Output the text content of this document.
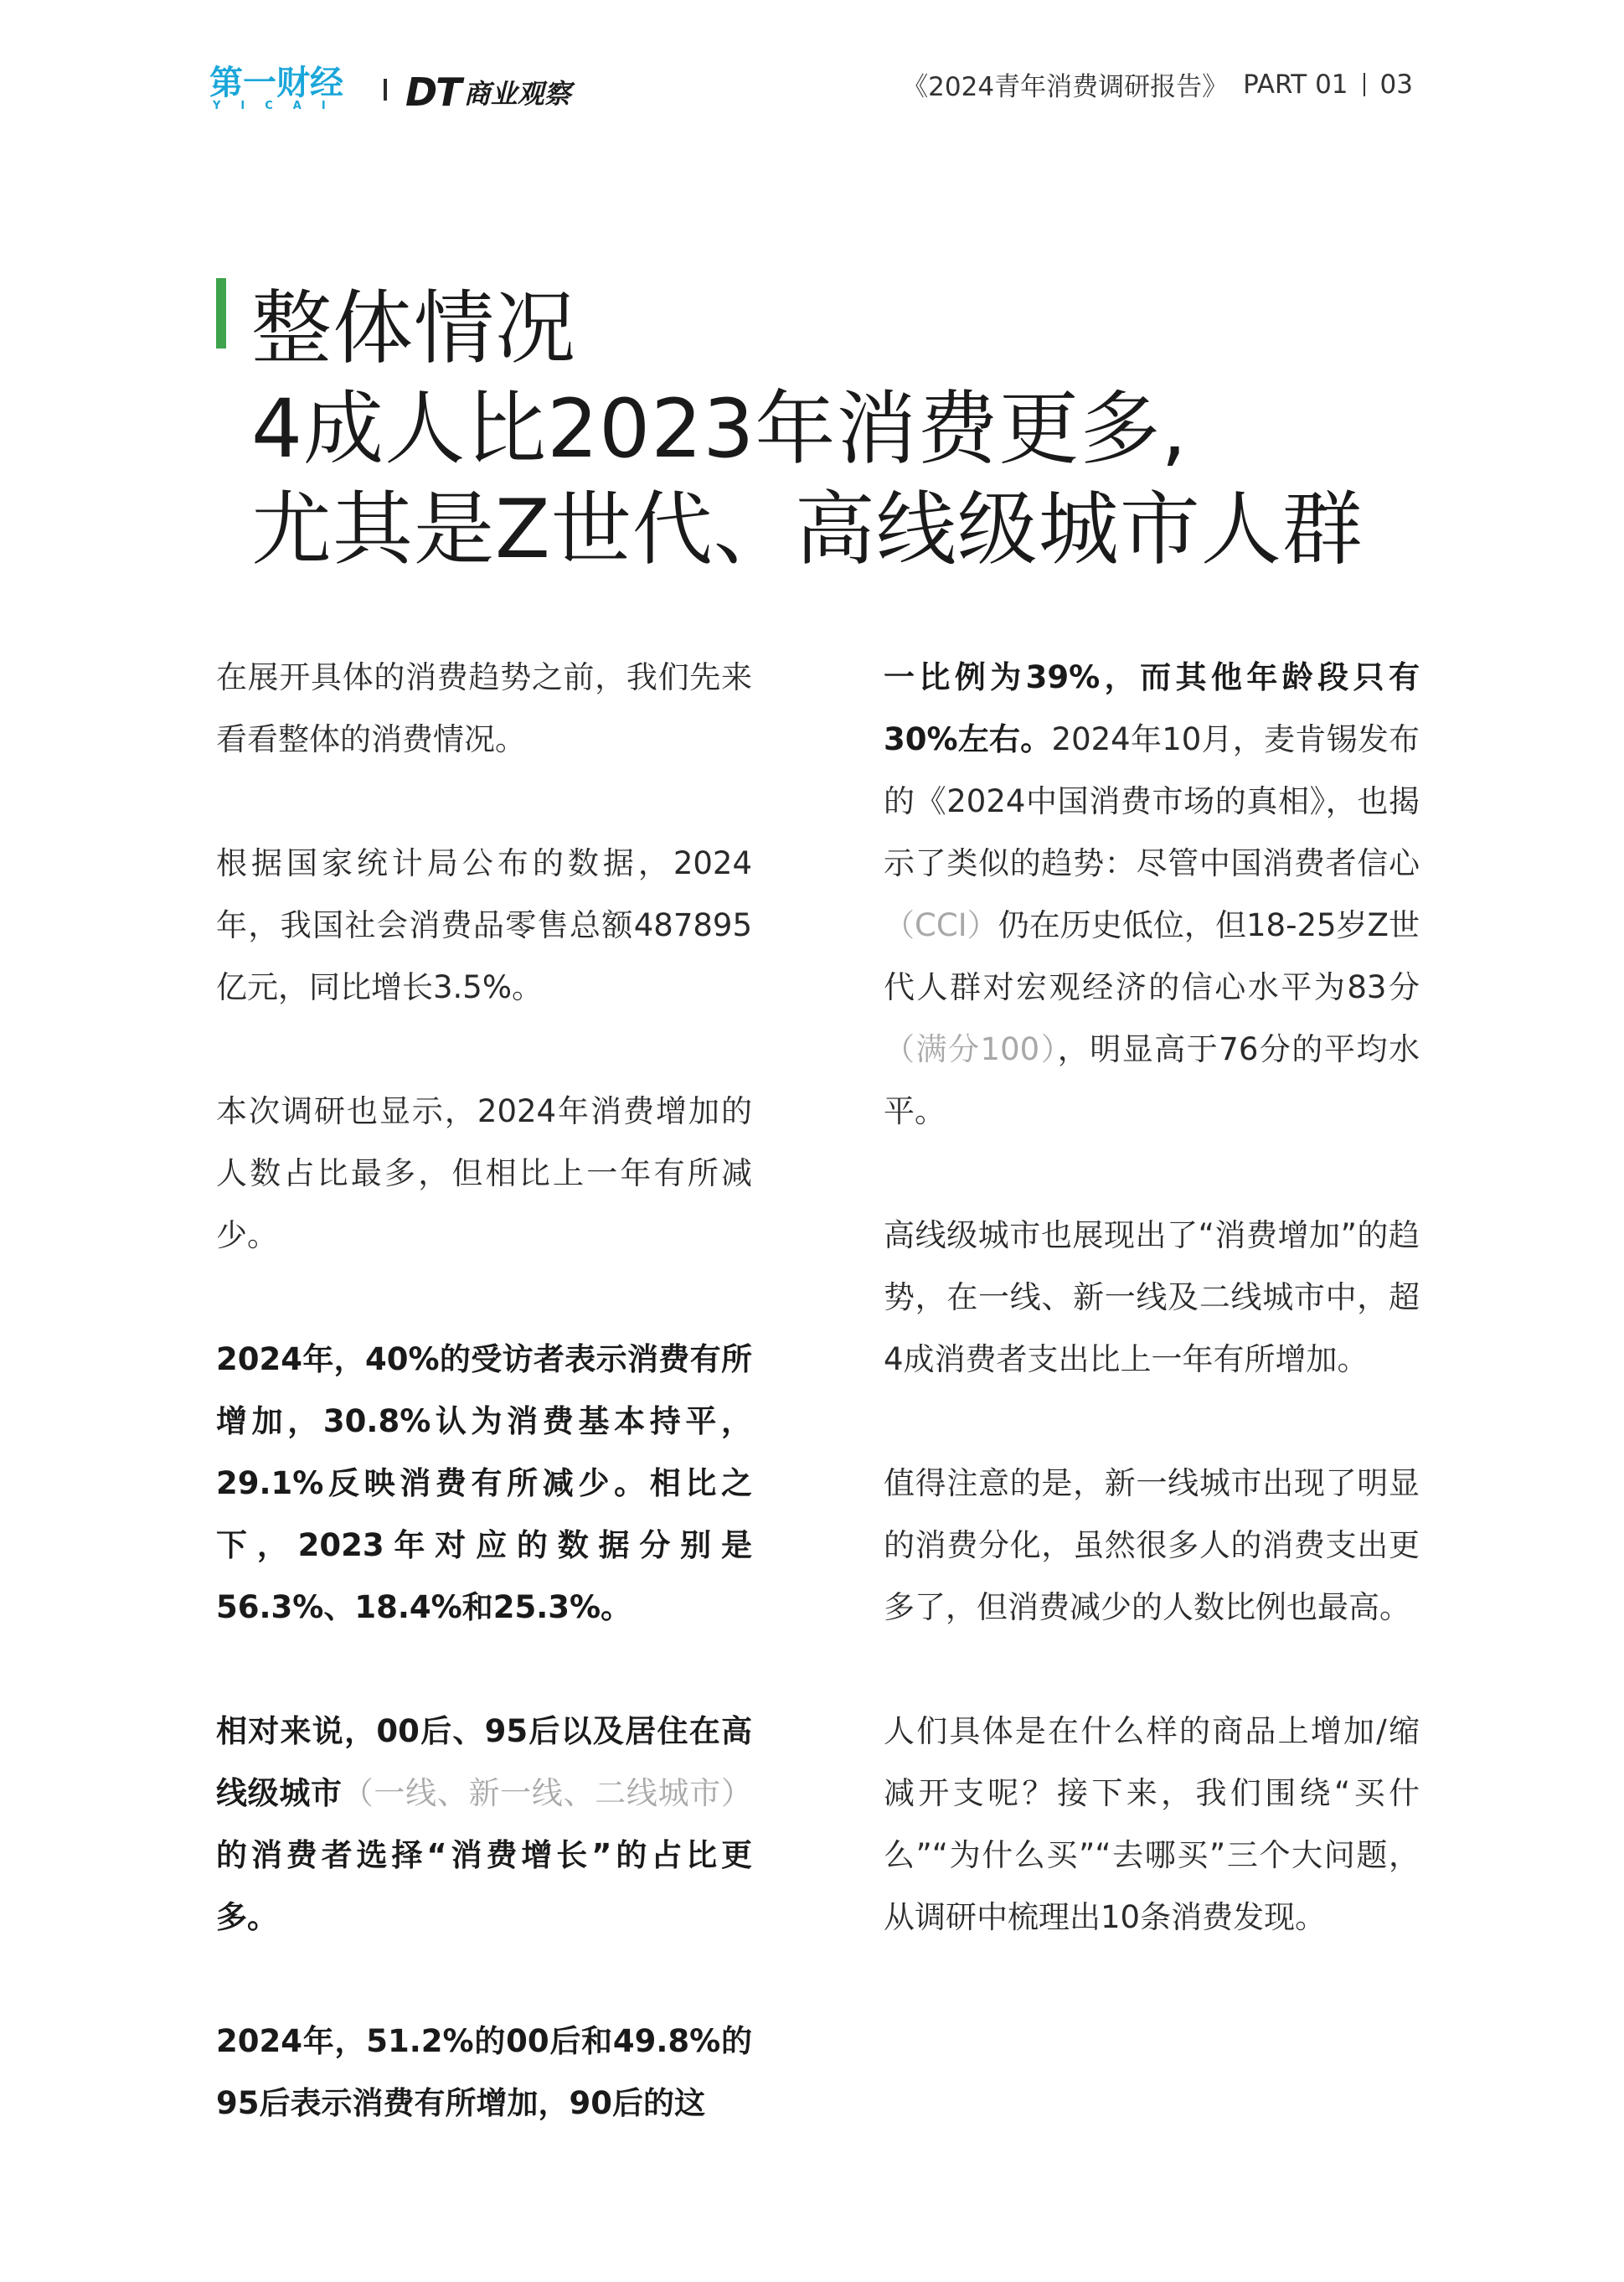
第一财经
YICAI DT 商业观察	《2024青年消费调研报告》 PART 01 03
整体情况
4成人比2023年消费更多,
尤其是Z世代、高线级城市人群

在展开具体的消费趋势之前，我们先来看看整体的消费情况。

根据国家统计局公布的数据，2024年，我国社会消费品零售总额487895亿元，同比增长3.5%。

本次调研也显示，2024年消费增加的人数占比最多，但相比上一年有所减少。

2024年，40%的受访者表示消费有所增加，30.8%认为消费基本持平，29.1%反映消费有所减少。相比之下，2023年对应的数据分别是56.3%、18.4%和25.3%。

相对来说，00后、95后以及居住在高线级城市（一线、新一线、二线城市）的消费者选择“消费增长”的占比更多。

2024年，51.2%的00后和49.8%的95后表示消费有所增加，90后的这

一比例为39%，而其他年龄段只有30%左右。2024年10月，麦肯锡发布的《2024中国消费市场的真相》，也揭示了类似的趋势：尽管中国消费者信心（CCI）仍在历史低位，但18-25岁Z世代人群对宏观经济的信心水平为83分（满分100），明显高于76分的平均水平。

高线级城市也展现出了“消费增加”的趋势，在一线、新一线及二线城市中，超4成消费者支出比上一年有所增加。

值得注意的是，新一线城市出现了明显的消费分化，虽然很多人的消费支出更多了，但消费减少的人数比例也最高。

人们具体是在什么样的商品上增加/缩减开支呢？接下来，我们围绕“买什么”“为什么买”“去哪买”三个大问题，从调研中梳理出10条消费发现。
